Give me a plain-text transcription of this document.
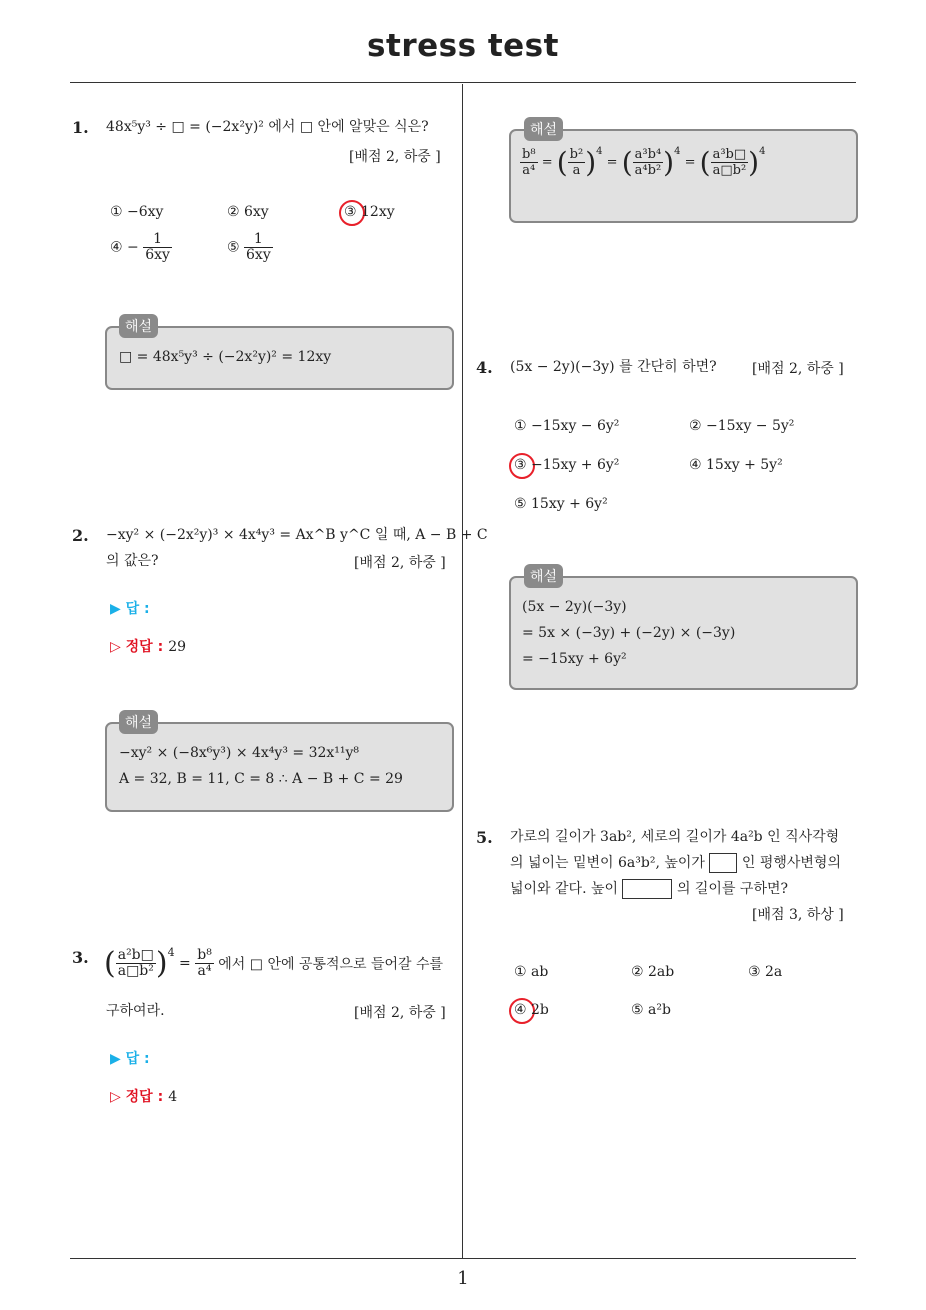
stress test
1. 48x⁵y³ ÷ □ = (−2x²y)² 에서 □ 안에 알맞은 식은?
[배점 2, 하중 ]
① −6xy	② 6xy	③ 12xy
④ − $\frac{1}{6xy}$	⑤ $\frac{1}{6xy}$
해설
□ = 48x⁵y³ ÷ (−2x²y)² = 12xy
2. −xy² × (−2x²y)³ × 4x⁴y³ = Ax^B y^C 일 때, A − B + C
의 값은?	[배점 2, 하중 ]
▶ 답 :
▷ 정답 : 29
해설
−xy² × (−8x⁶y³) × 4x⁴y³ = 32x¹¹y⁸
A = 32, B = 11, C = 8 ∴ A − B + C = 29
3. ( $\frac{\text{a²b□}}{\text{a□b²}} )^4 = \frac{\text{b⁸}}{\text{a⁴}}$ 에서 □ 안에 공통적으로 들어갈 수를
구하여라.	[배점 2, 하중 ]
▶ 답 :
▷ 정답 : 4
해설
$\frac{\text{b⁸}}{\text{a⁴}}$ = ( $\frac{\text{b²}}{a} )^4$ = ( $\frac{\text{a³b⁴}}{\text{a⁴b²}} )^4$ = ( $\frac{\text{a³b□}}{\text{a□b²}} )^4$
4. (5x − 2y)(−3y) 를 간단히 하면?	[배점 2, 하중 ]
① −15xy − 6y²	② −15xy − 5y²
③ −15xy + 6y²	④ 15xy + 5y²
⑤ 15xy + 6y²
해설
(5x − 2y)(−3y)
= 5x × (−3y) + (−2y) × (−3y)
= −15xy + 6y²
5. 가로의 길이가 3ab², 세로의 길이가 4a²b 인 직사각형
의 넓이는 밑변이 6a³b², 높이가	인 평행사변형의
넓이와 같다. 높이	의 길이를 구하면?
[배점 3, 하상 ]
① ab	② 2ab	③ 2a
④ 2b	⑤ a²b
1
